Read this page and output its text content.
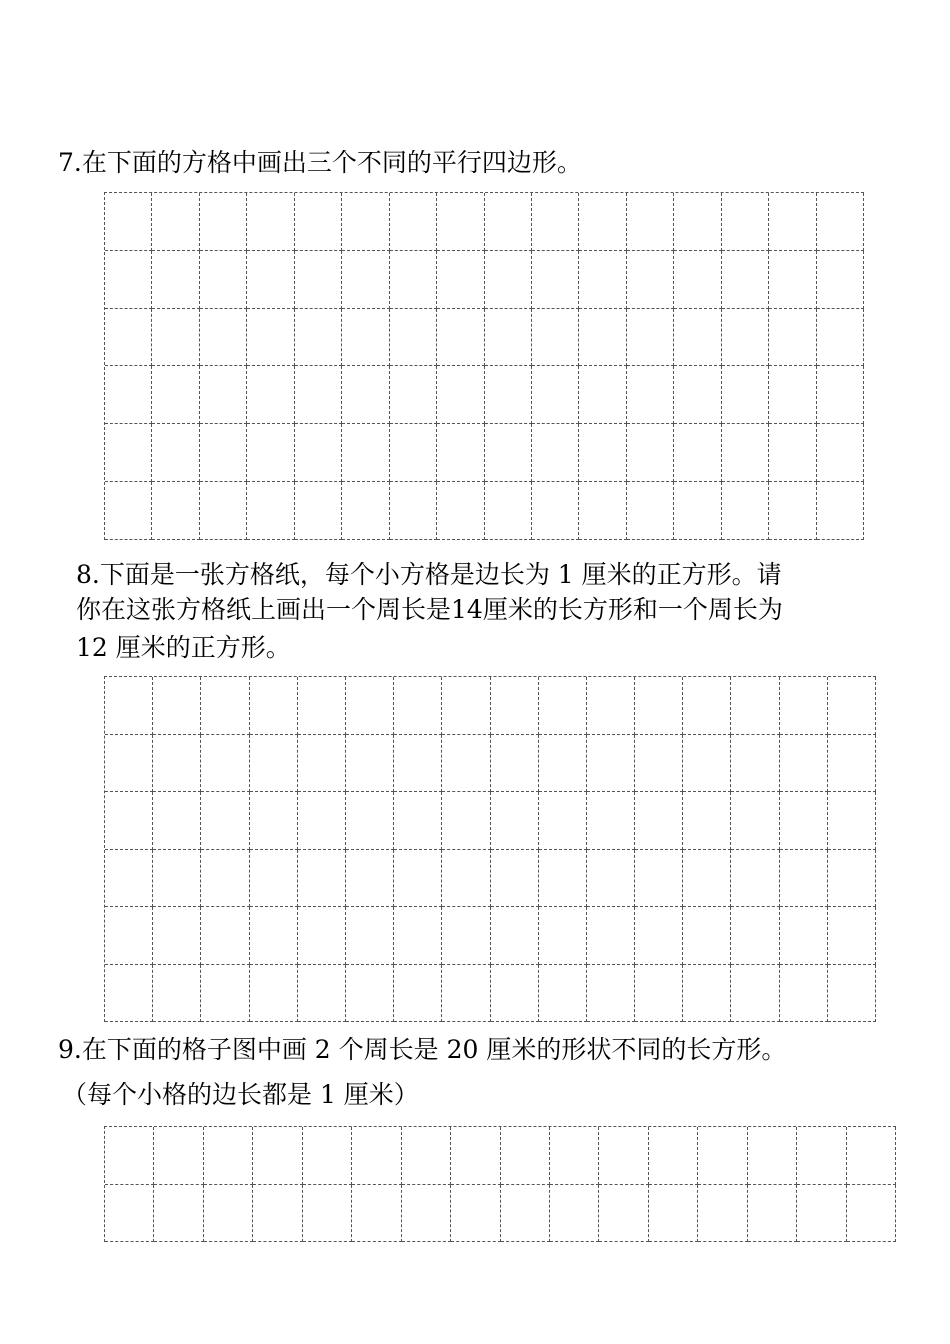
7.在下面的方格中画出三个不同的平行四边形。
8.下面是一张方格纸，每个小方格是边长为 1 厘米的正方形。请
你在这张方格纸上画出一个周长是14厘米的长方形和一个周长为
12 厘米的正方形。
9.在下面的格子图中画 2 个周长是 20 厘米的形状不同的长方形。
（每个小格的边长都是 1 厘米）
